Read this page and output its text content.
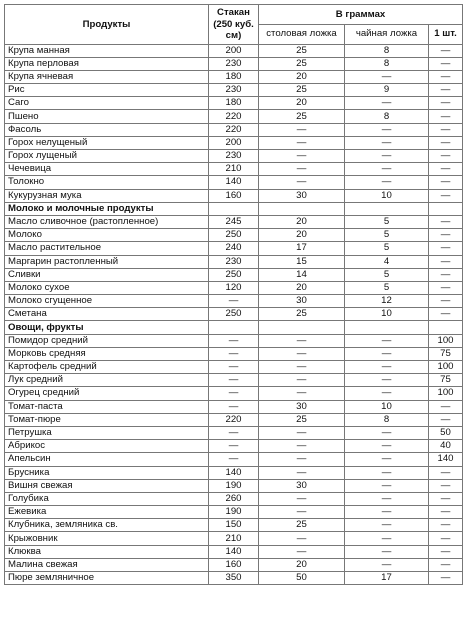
Продукты	Стакан (250 куб. см)	В граммах		
		столовая ложка	чайная ложка	1 шт.
Крупа манная	200	25	8	—
Крупа перловая	230	25	8	—
Крупа ячневая	180	20	—	—
Рис	230	25	9	—
Саго	180	20	—	—
Пшено	220	25	8	—
Фасоль	220	—	—	—
Горох нелущеный	200	—	—	—
Горох лущеный	230	—	—	—
Чечевица	210	—	—	—
Толокно	140	—	—	—
Кукурузная мука	160	30	10	—
Молоко и молочные продукты				
Масло сливочное (растопленное)	245	20	5	—
Молоко	250	20	5	—
Масло растительное	240	17	5	—
Маргарин растопленный	230	15	4	—
Сливки	250	14	5	—
Молоко сухое	120	20	5	—
Молоко сгущенное	—	30	12	—
Сметана	250	25	10	—
Овощи, фрукты				
Помидор средний	—	—	—	100
Морковь средняя	—	—	—	75
Картофель средний	—	—	—	100
Лук средний	—	—	—	75
Огурец средний	—	—	—	100
Томат-паста	—	30	10	—
Томат-пюре	220	25	8	—
Петрушка	—	—	—	50
Абрикос	—	—	—	40
Апельсин	—	—	—	140
Брусника	140	—	—	—
Вишня свежая	190	30	—	—
Голубика	260	—	—	—
Ежевика	190	—	—	—
Клубника, земляника св.	150	25	—	—
Крыжовник	210	—	—	—
Клюква	140	—	—	—
Малина свежая	160	20	—	—
Пюре земляничное	350	50	17	—
